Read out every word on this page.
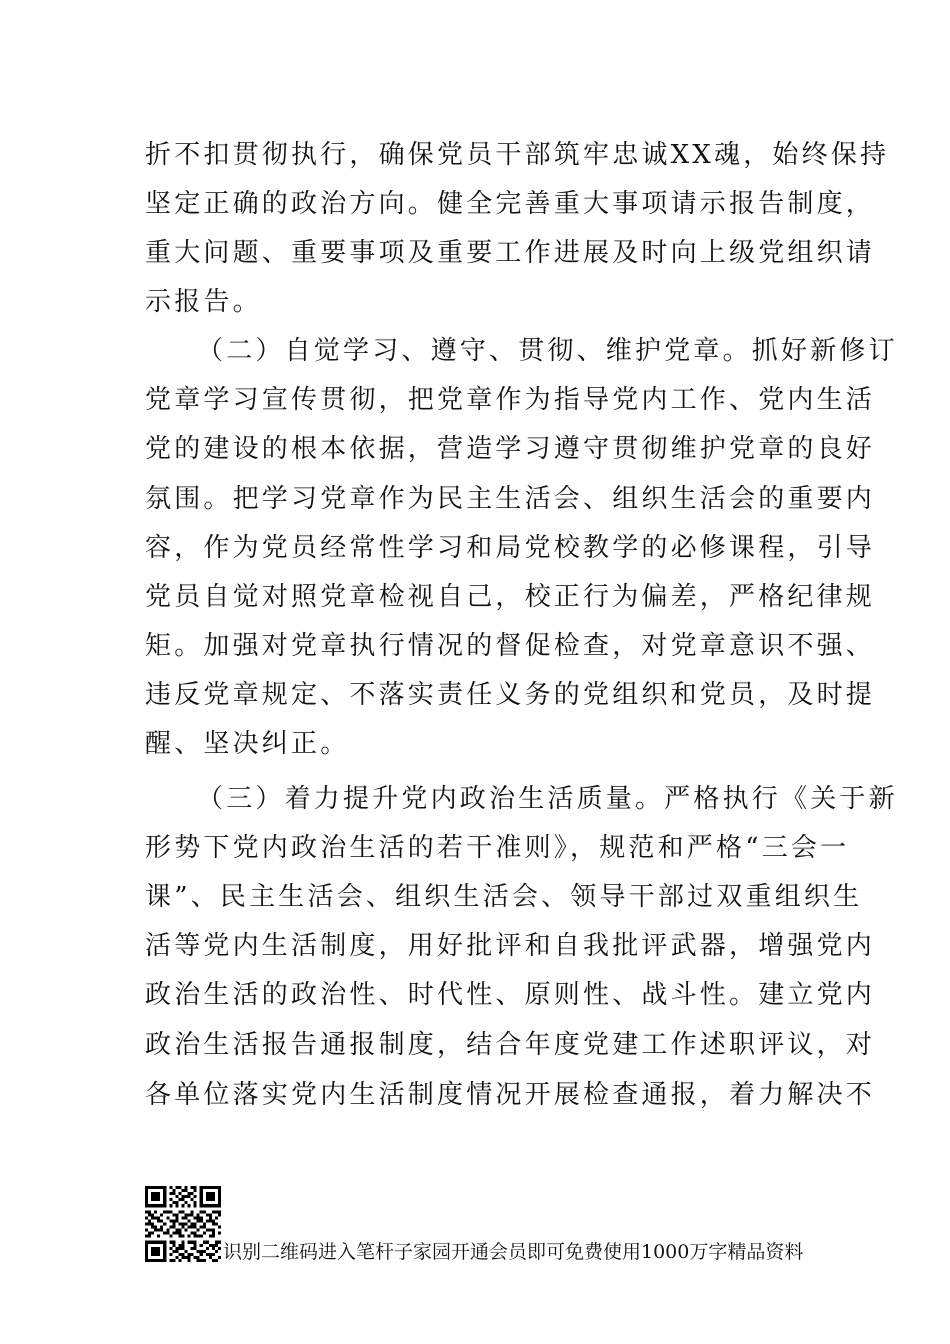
折不扣贯彻执行，确保党员干部筑牢忠诚XX魂，始终保持
坚定正确的政治方向。健全完善重大事项请示报告制度，
重大问题、重要事项及重要工作进展及时向上级党组织请
示报告。
（二）自觉学习、遵守、贯彻、维护党章。抓好新修订
党章学习宣传贯彻，把党章作为指导党内工作、党内生活
党的建设的根本依据，营造学习遵守贯彻维护党章的良好
氛围。把学习党章作为民主生活会、组织生活会的重要内
容，作为党员经常性学习和局党校教学的必修课程，引导
党员自觉对照党章检视自己，校正行为偏差，严格纪律规
矩。加强对党章执行情况的督促检查，对党章意识不强、
违反党章规定、不落实责任义务的党组织和党员，及时提
醒、坚决纠正。
（三）着力提升党内政治生活质量。严格执行《关于新
形势下党内政治生活的若干准则》，规范和严格“三会一
课”、民主生活会、组织生活会、领导干部过双重组织生
活等党内生活制度，用好批评和自我批评武器，增强党内
政治生活的政治性、时代性、原则性、战斗性。建立党内
政治生活报告通报制度，结合年度党建工作述职评议，对
各单位落实党内生活制度情况开展检查通报，着力解决不
识别二维码进入笔杆子家园开通会员即可免费使用1000万字精品资料
